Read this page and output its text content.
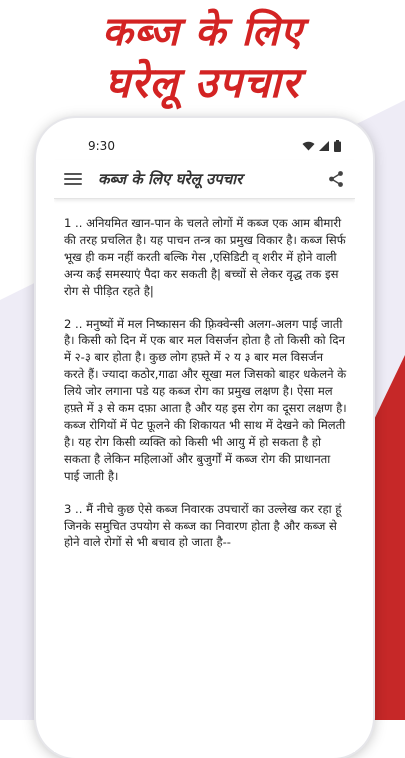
कब्ज के लिए
घरेलू उपचार
9:30
कब्ज के लिए घरेलू उपचार

1 .. अनियमित खान-पान के चलते लोगों में कब्ज एक आम बीमारी की तरह प्रचलित है। यह पाचन तन्त्र का प्रमुख विकार है। कब्ज सिर्फ भूख ही कम नहीं करती बल्कि गेस ,एसिडिटी व् शरीर में होने वाली अन्य कई समस्याएं पैदा कर सकती है| बच्चों से लेकर वृद्ध तक इस रोग से पीड़ित रहते है|

2 .. मनुष्यों में मल निष्कासन की फ़्रिक्वेन्सी अलग-अलग पाई जाती है। किसी को दिन में एक बार मल विसर्जन होता है तो किसी को दिन में २-३ बार होता है। कुछ लोग हफ़्ते में २ य ३ बार मल विसर्जन करते हैं। ज्यादा कठोर,गाढा और सूखा मल जिसको बाहर धकेलने के लिये जोर लगाना पडे यह कब्ज रोग का प्रमुख लक्षण है। ऐसा मल हफ़्ते में ३ से कम दफ़ा आता है और यह इस रोग का दूसरा लक्षण है। कब्ज रोगियों में पेट फ़ूलने की शिकायत भी साथ में देखने को मिलती है। यह रोग किसी व्यक्ति को किसी भी आयु में हो सकता है हो सकता है लेकिन महिलाओं और बुजुर्गों में कब्ज रोग की प्राधानता पाई जाती है।

3 .. मैं नीचे कुछ ऐसे कब्ज निवारक उपचारों का उल्लेख कर रहा हूं जिनके समुचित उपयोग से कब्ज का निवारण होता है और कब्ज से होने वाले रोगों से भी बचाव हो जाता है--
